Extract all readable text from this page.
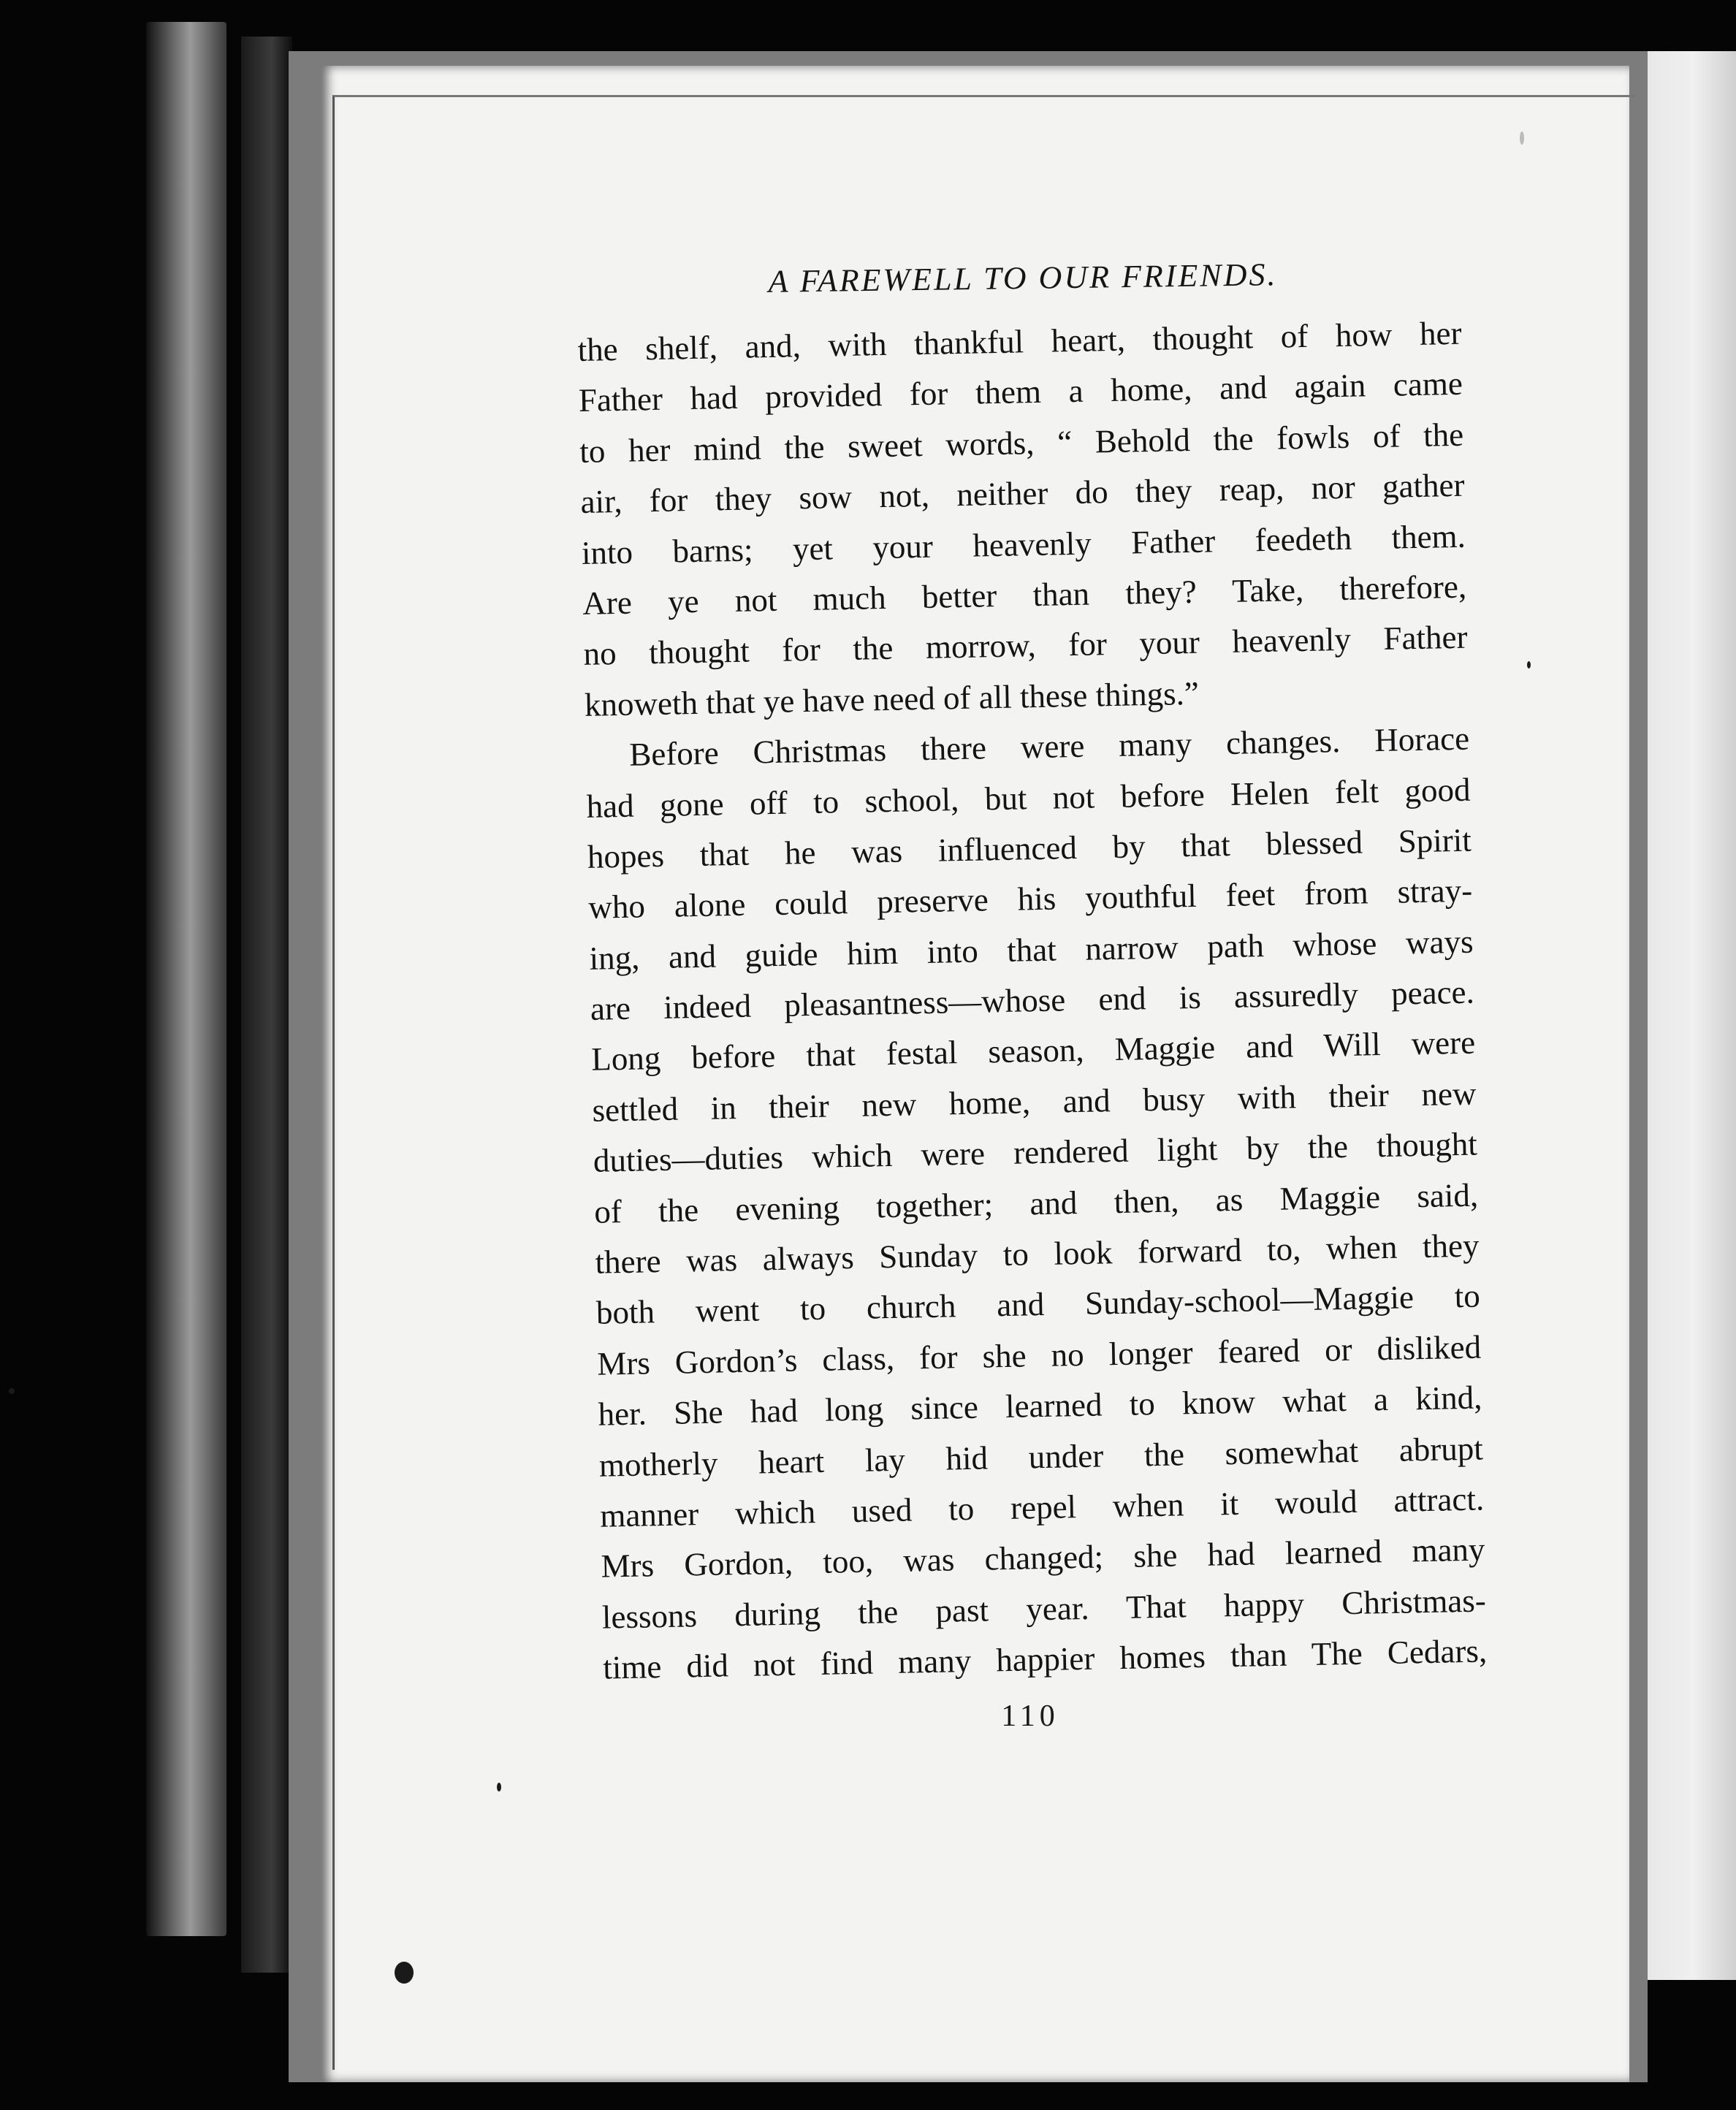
A FAREWELL TO OUR FRIENDS.
the shelf, and, with thankful heart, thought of how her
Father had provided for them a home, and again came
to her mind the sweet words, “ Behold the fowls of the
air, for they sow not, neither do they reap, nor gather
into barns; yet your heavenly Father feedeth them.
Are ye not much better than they? Take, therefore,
no thought for the morrow, for your heavenly Father
knoweth that ye have need of all these things.”
Before Christmas there were many changes. Horace
had gone off to school, but not before Helen felt good
hopes that he was influenced by that blessed Spirit
who alone could preserve his youthful feet from stray-
ing, and guide him into that narrow path whose ways
are indeed pleasantness—whose end is assuredly peace.
Long before that festal season, Maggie and Will were
settled in their new home, and busy with their new
duties—duties which were rendered light by the thought
of the evening together; and then, as Maggie said,
there was always Sunday to look forward to, when they
both went to church and Sunday-school—Maggie to
Mrs Gordon’s class, for she no longer feared or disliked
her. She had long since learned to know what a kind,
motherly heart lay hid under the somewhat abrupt
manner which used to repel when it would attract.
Mrs Gordon, too, was changed; she had learned many
lessons during the past year. That happy Christmas-
time did not find many happier homes than The Cedars,
110
